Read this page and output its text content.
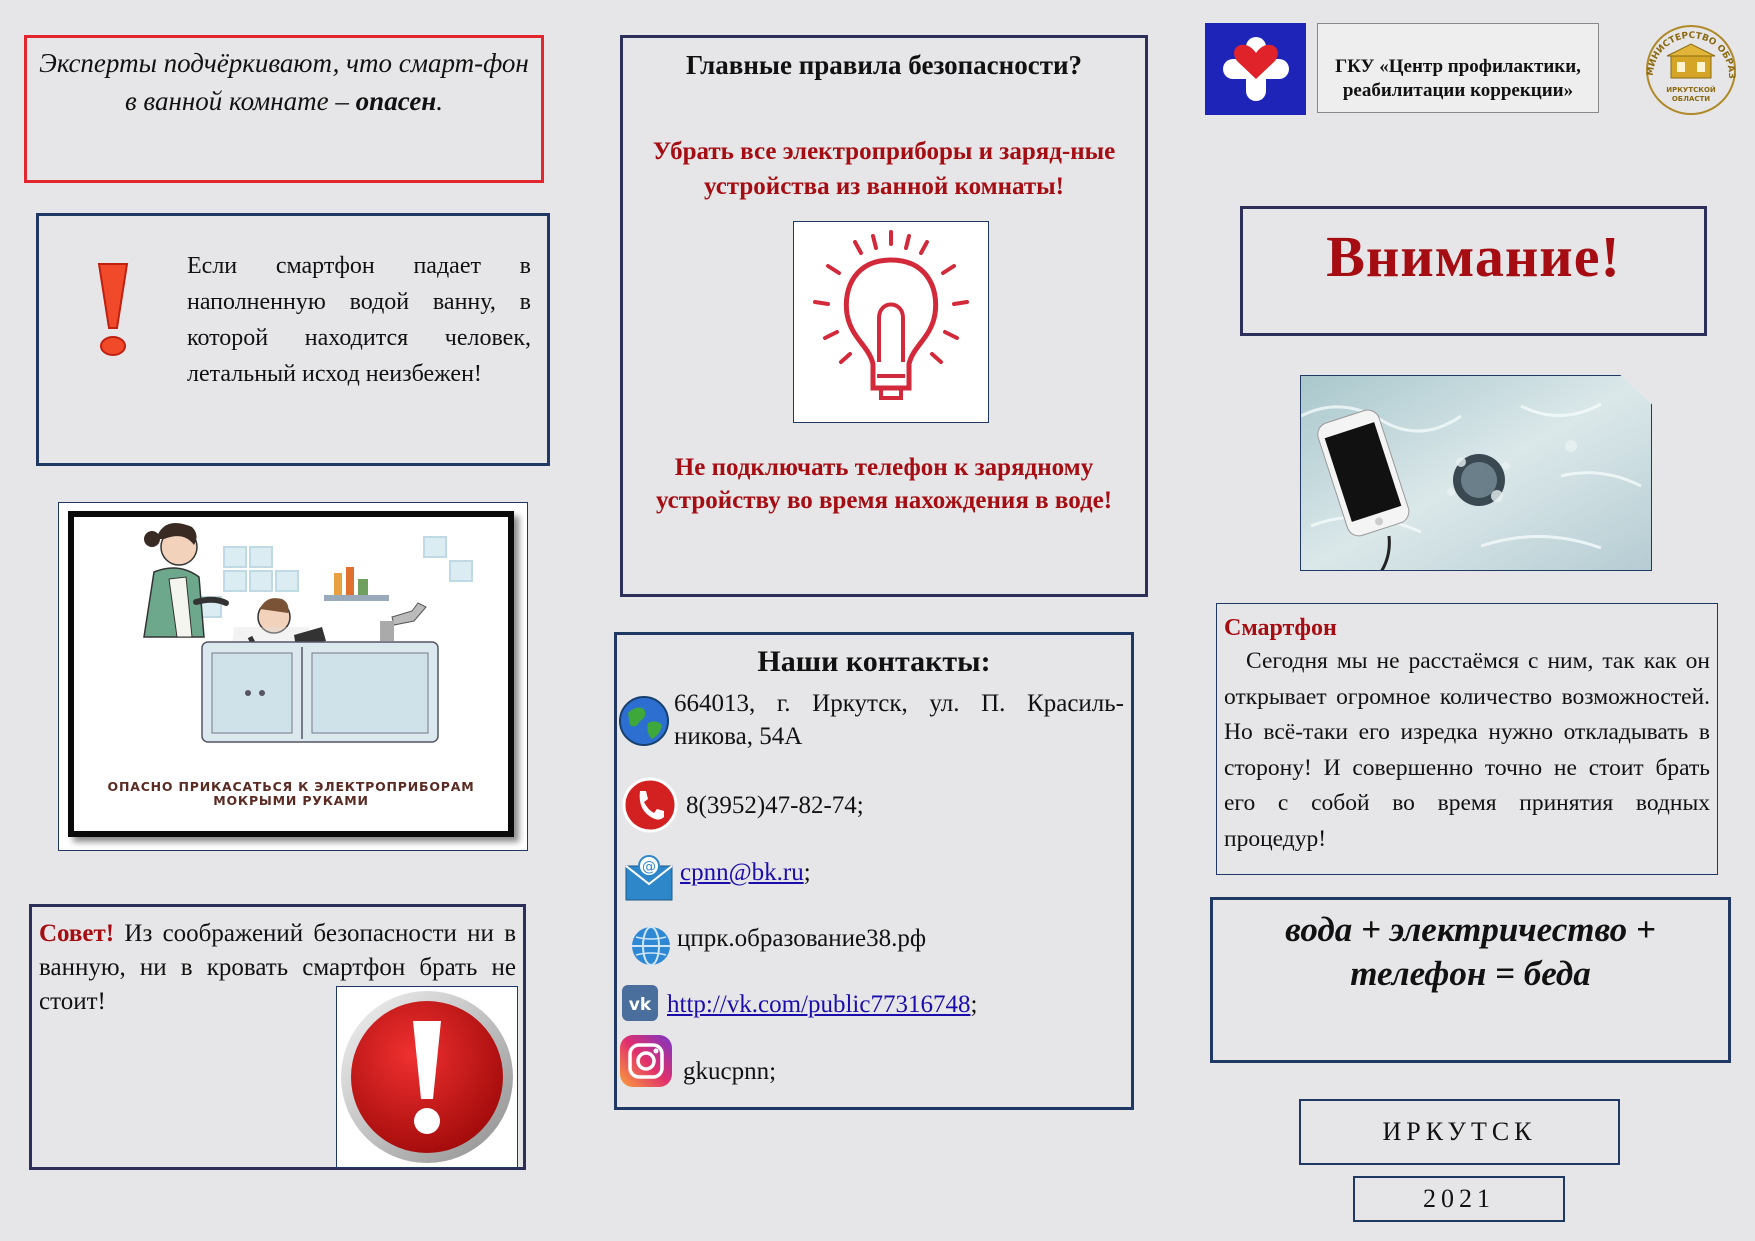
Эксперты подчёркивают, что смарт-фон в ванной комнате – опасен.

Если смартфон падает в наполненную водой ванну, в которой находится человек, летальный исход неизбежен!

ОПАСНО ПРИКАСАТЬСЯ К ЭЛЕКТРОПРИБОРАМ
МОКРЫМИ РУКАМИ

Совет! Из соображений безопасности ни в ванную, ни в кровать смартфон брать не стоит!

Главные правила безопасности?
Убрать все электроприборы и заряд-ные устройства из ванной комнаты!
Не подключать телефон к зарядному устройству во время нахождения в воде!
Наши контакты:
664013, г. Иркутск, ул. П. Красиль-никова, 54А
8(3952)47-82-74;
@ cpnn@bk.ru;
цпрк.образование38.рф
vk http://vk.com/public77316748;
gkucpnn;
ГКУ «Центр профилактики, реабилитации коррекции»
МИНИСТЕРСТВО ОБРАЗ
ИРКУТСКОЙ
ОБЛАСТИ
Внимание!
Смартфон

Сегодня мы не расстаёмся с ним, так как он открывает огромное количество возможностей. Но всё-таки его изредка нужно откладывать в сторону! И совершенно точно не стоит брать его с собой во время принятия водных процедур!

вода + электричество +
телефон = беда
ИРКУТСК
2021
